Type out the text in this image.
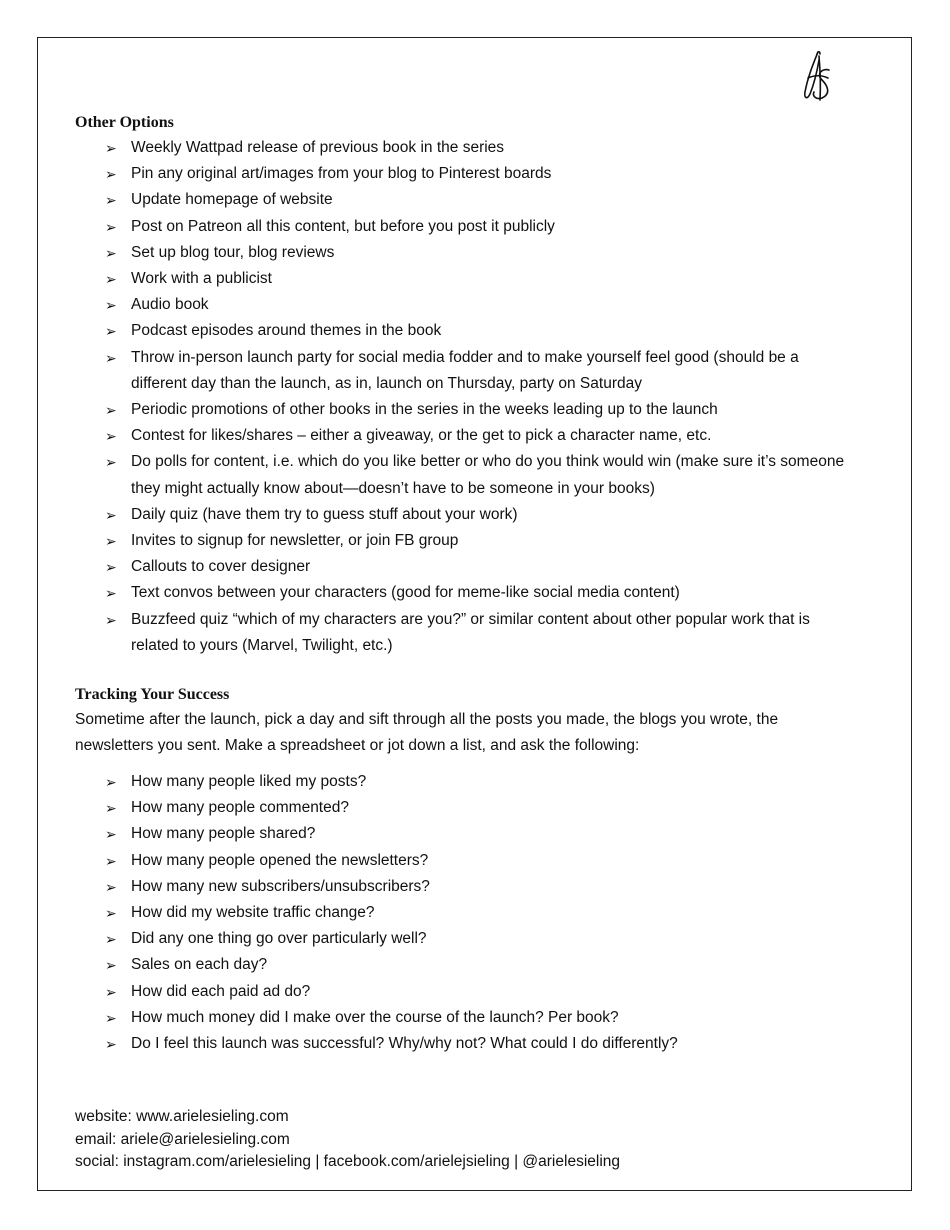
Other Options
➢ Weekly Wattpad release of previous book in the series
➢ Pin any original art/images from your blog to Pinterest boards
➢ Update homepage of website
➢ Post on Patreon all this content, but before you post it publicly
➢ Set up blog tour, blog reviews
➢ Work with a publicist
➢ Audio book
➢ Podcast episodes around themes in the book
➢ Throw in-person launch party for social media fodder and to make yourself feel good (should be a different day than the launch, as in, launch on Thursday, party on Saturday
➢ Periodic promotions of other books in the series in the weeks leading up to the launch
➢ Contest for likes/shares – either a giveaway, or the get to pick a character name, etc.
➢ Do polls for content, i.e. which do you like better or who do you think would win (make sure it’s someone they might actually know about—doesn’t have to be someone in your books)
➢ Daily quiz (have them try to guess stuff about your work)
➢ Invites to signup for newsletter, or join FB group
➢ Callouts to cover designer
➢ Text convos between your characters (good for meme-like social media content)
➢ Buzzfeed quiz “which of my characters are you?” or similar content about other popular work that is related to yours (Marvel, Twilight, etc.)
Tracking Your Success

Sometime after the launch, pick a day and sift through all the posts you made, the blogs you wrote, the newsletters you sent. Make a spreadsheet or jot down a list, and ask the following:

➢ How many people liked my posts?
➢ How many people commented?
➢ How many people shared?
➢ How many people opened the newsletters?
➢ How many new subscribers/unsubscribers?
➢ How did my website traffic change?
➢ Did any one thing go over particularly well?
➢ Sales on each day?
➢ How did each paid ad do?
➢ How much money did I make over the course of the launch? Per book?
➢ Do I feel this launch was successful? Why/why not? What could I do differently?
website: www.arielesieling.com
email: ariele@arielesieling.com
social: instagram.com/arielesieling | facebook.com/arielejsieling | @arielesieling
